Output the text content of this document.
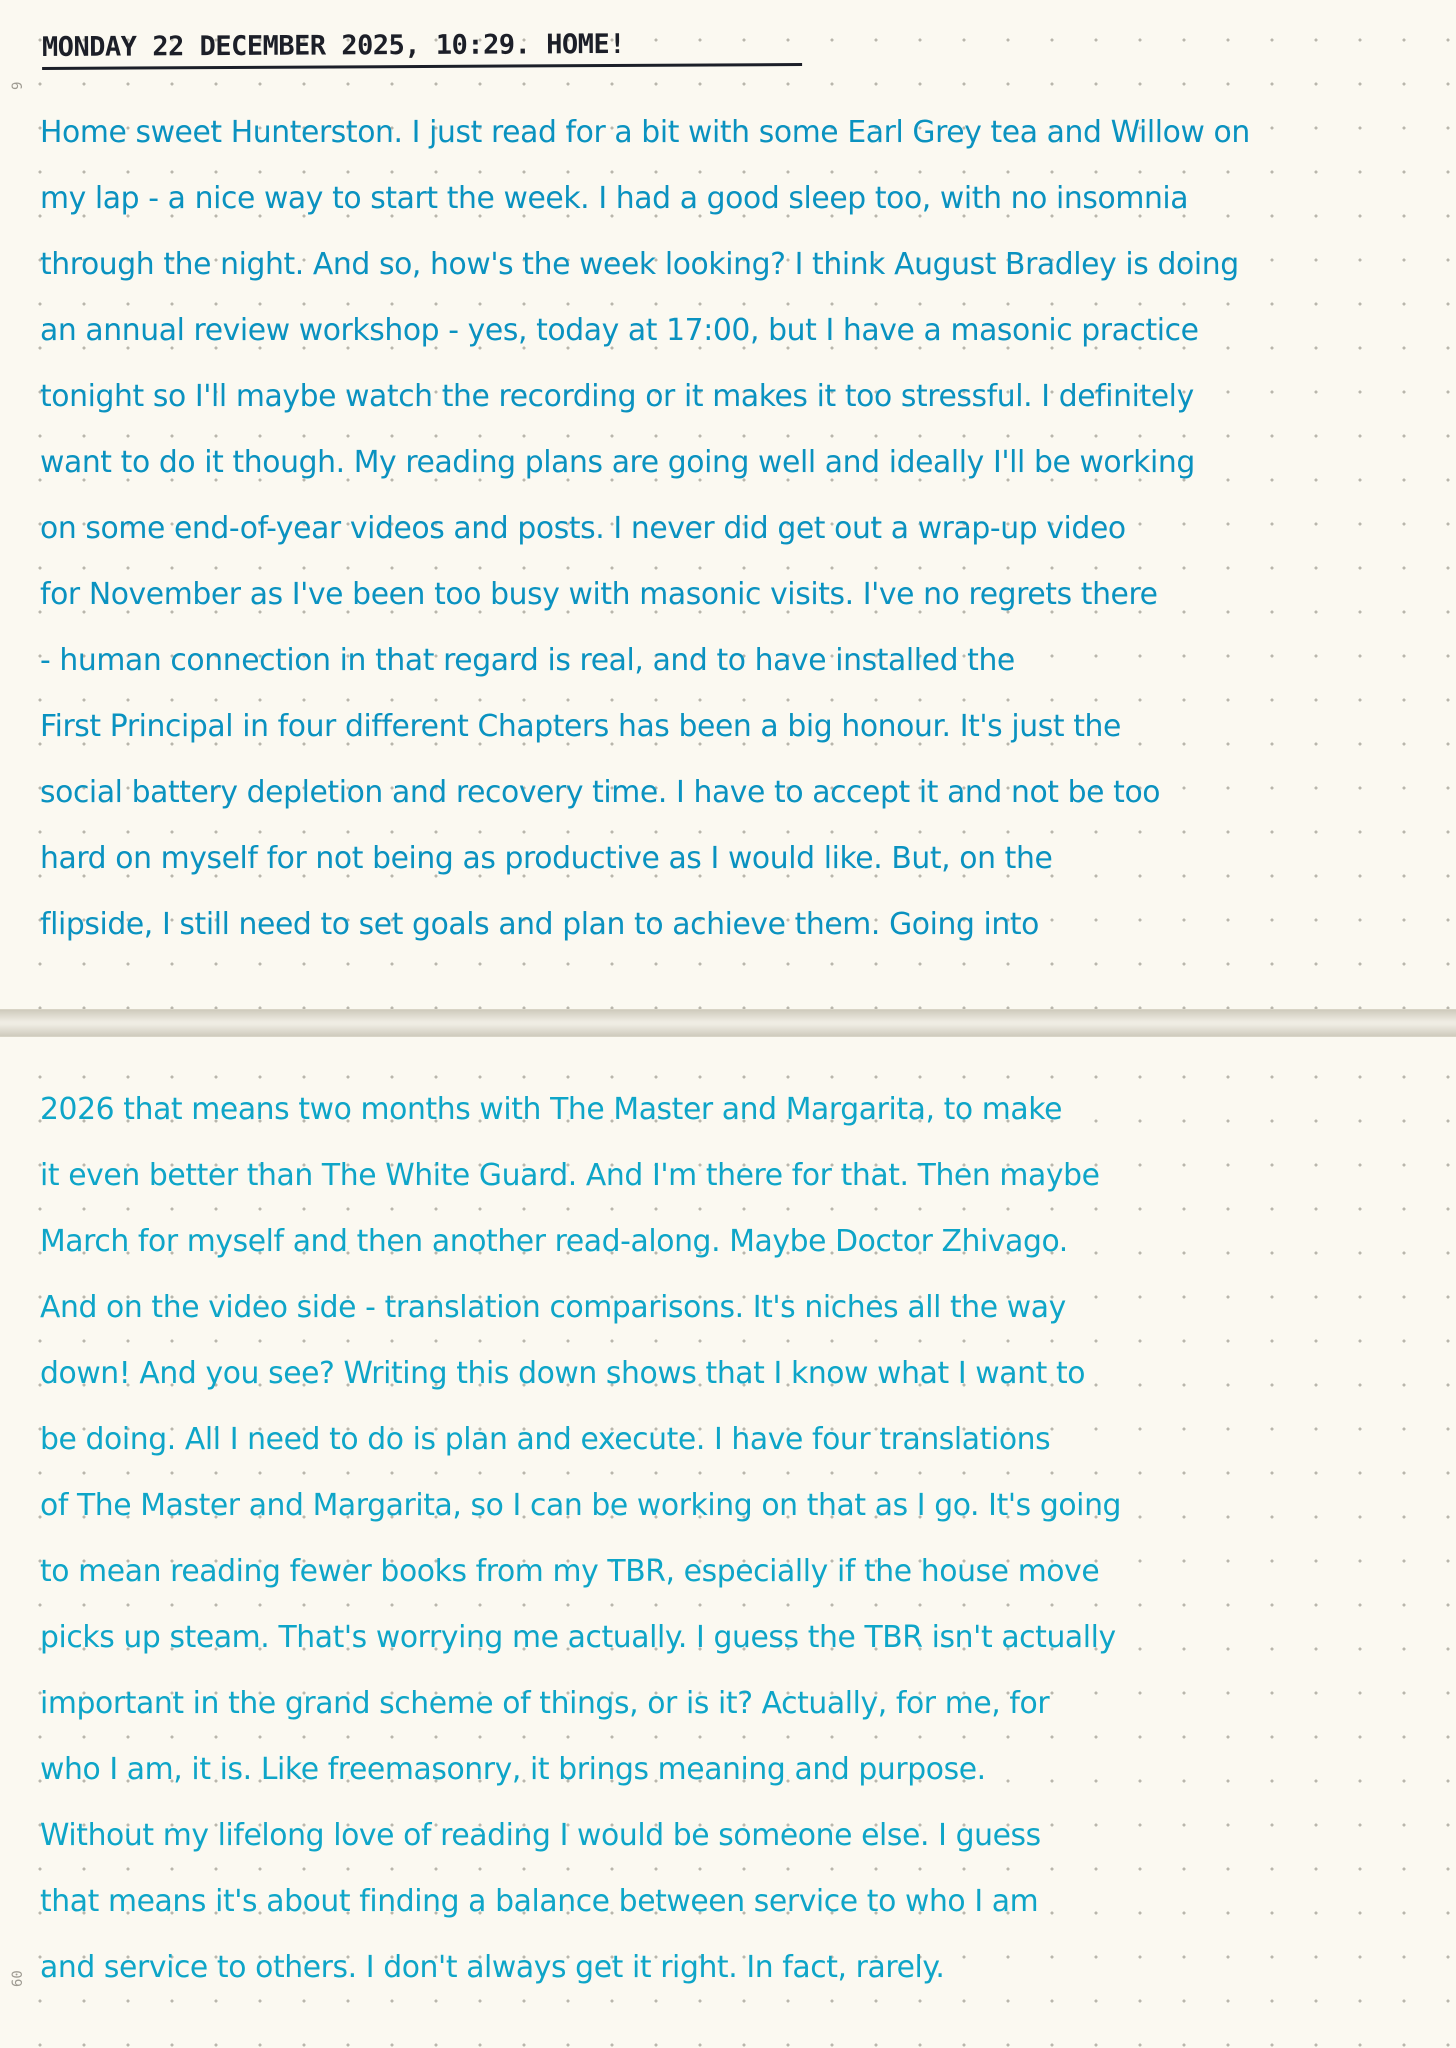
9
MONDAY 22 DECEMBER 2025, 10:29. HOME!
Home sweet Hunterston. I just read for a bit with some Earl Grey tea and Willow on
my lap - a nice way to start the week. I had a good sleep too, with no insomnia
through the night. And so, how's the week looking? I think August Bradley is doing
an annual review workshop - yes, today at 17:00, but I have a masonic practice
tonight so I'll maybe watch the recording or it makes it too stressful. I definitely
want to do it though. My reading plans are going well and ideally I'll be working
on some end-of-year videos and posts. I never did get out a wrap-up video
for November as I've been too busy with masonic visits. I've no regrets there
- human connection in that regard is real, and to have installed the
First Principal in four different Chapters has been a big honour. It's just the
social battery depletion and recovery time. I have to accept it and not be too
hard on myself for not being as productive as I would like. But, on the
flipside, I still need to set goals and plan to achieve them. Going into
60
2026 that means two months with The Master and Margarita, to make
it even better than The White Guard. And I'm there for that. Then maybe
March for myself and then another read-along. Maybe Doctor Zhivago.
And on the video side - translation comparisons. It's niches all the way
down! And you see? Writing this down shows that I know what I want to
be doing. All I need to do is plan and execute. I have four translations
of The Master and Margarita, so I can be working on that as I go. It's going
to mean reading fewer books from my TBR, especially if the house move
picks up steam. That's worrying me actually. I guess the TBR isn't actually
important in the grand scheme of things, or is it? Actually, for me, for
who I am, it is. Like freemasonry, it brings meaning and purpose.
Without my lifelong love of reading I would be someone else. I guess
that means it's about finding a balance between service to who I am
and service to others. I don't always get it right. In fact, rarely.
